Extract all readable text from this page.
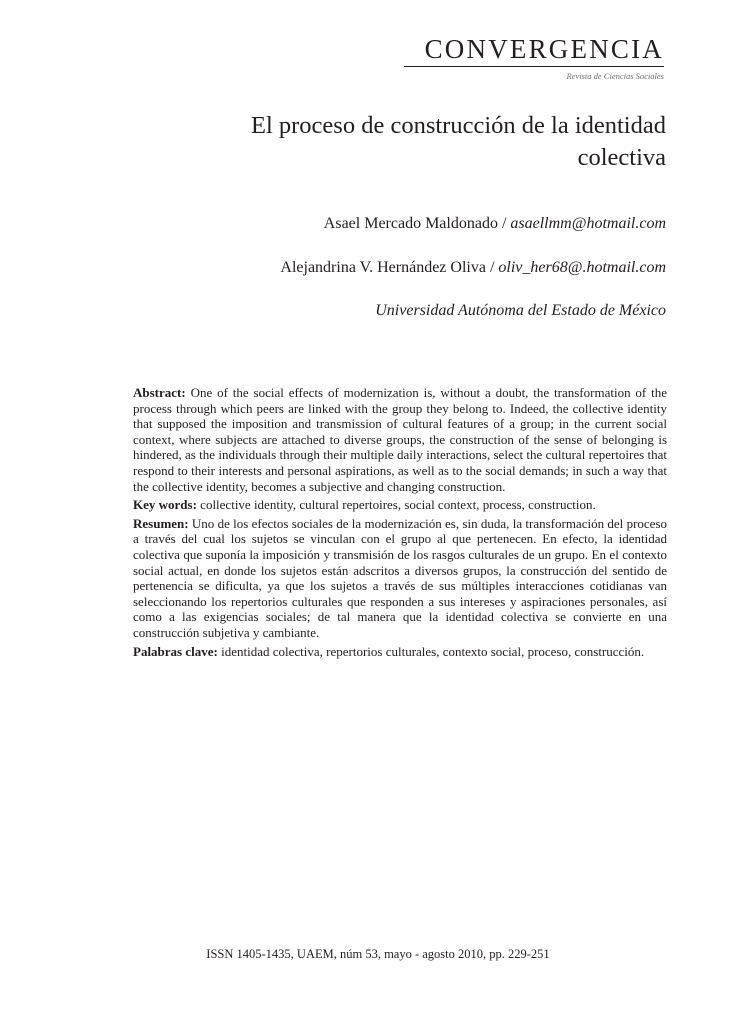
CONVERGENCIA
Revista de Ciencias Sociales
El proceso de construcción de la identidad colectiva
Asael Mercado Maldonado / asaellmm@hotmail.com
Alejandrina V. Hernández Oliva / oliv_her68@.hotmail.com
Universidad Autónoma del Estado de México

Abstract: One of the social effects of modernization is, without a doubt, the transformation of the process through which peers are linked with the group they belong to. Indeed, the collective identity that supposed the imposition and transmission of cultural features of a group; in the current social context, where subjects are attached to diverse groups, the construction of the sense of belonging is hindered, as the individuals through their multiple daily interactions, select the cultural repertoires that respond to their interests and personal aspirations, as well as to the social demands; in such a way that the collective identity, becomes a subjective and changing construction.

Key words: collective identity, cultural repertoires, social context, process, construction.

Resumen: Uno de los efectos sociales de la modernización es, sin duda, la transformación del proceso a través del cual los sujetos se vinculan con el grupo al que pertenecen. En efecto, la identidad colectiva que suponía la imposición y transmisión de los rasgos culturales de un grupo. En el contexto social actual, en donde los sujetos están adscritos a diversos grupos, la construcción del sentido de pertenencia se dificulta, ya que los sujetos a través de sus múltiples interacciones cotidianas van seleccionando los repertorios culturales que responden a sus intereses y aspiraciones personales, así como a las exigencias sociales; de tal manera que la identidad colectiva se convierte en una construcción subjetiva y cambiante.

Palabras clave: identidad colectiva, repertorios culturales, contexto social, proceso, construcción.

ISSN 1405-1435, UAEM, núm 53, mayo - agosto 2010, pp. 229-251
